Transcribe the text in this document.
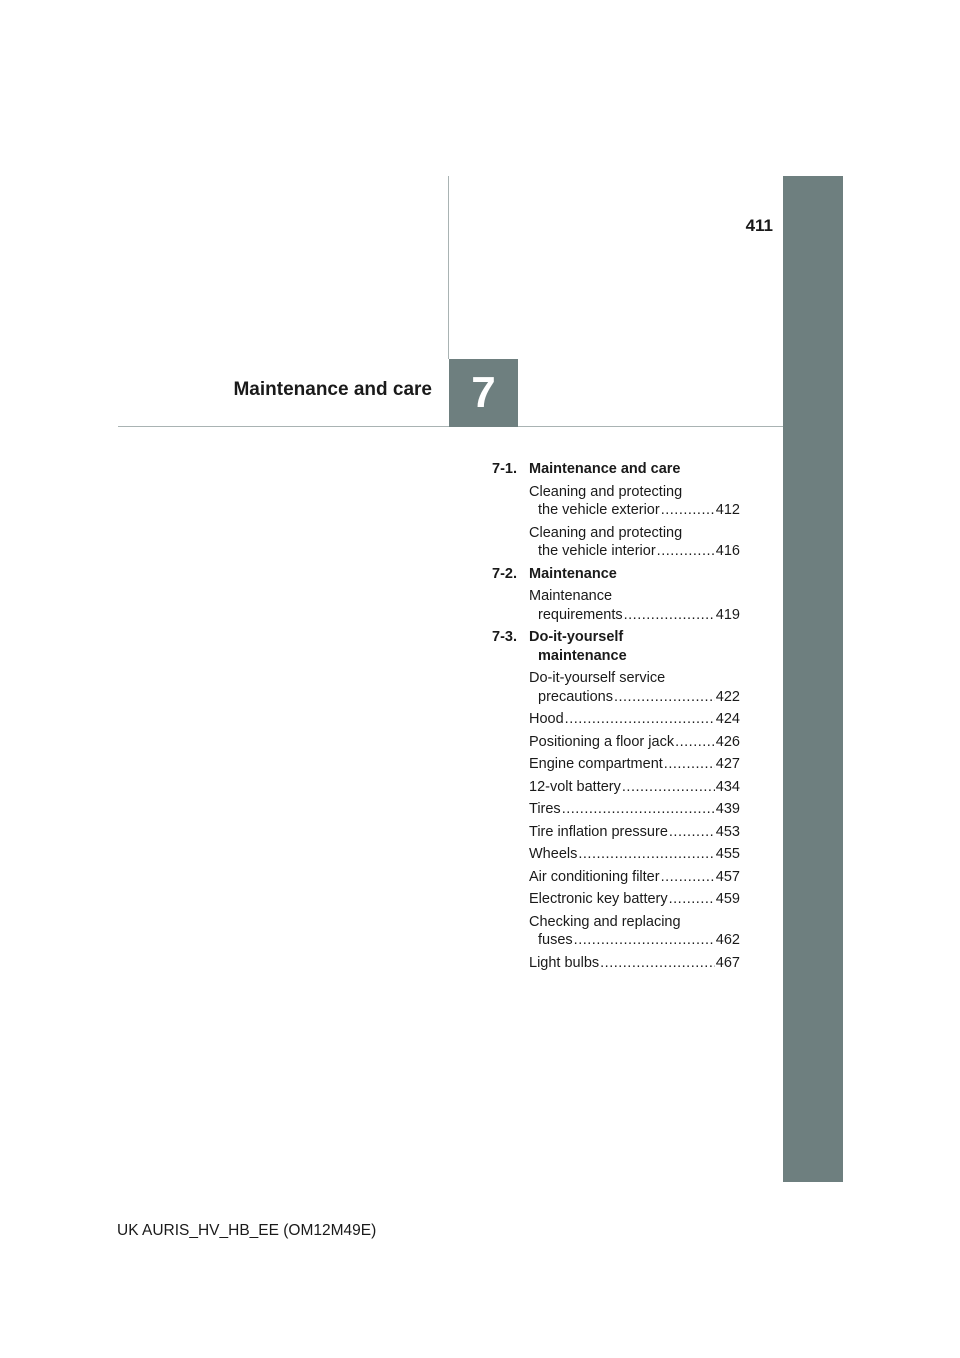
411
Maintenance and care 7
7-1. Maintenance and care
Cleaning and protecting
the vehicle exterior .....	412
Cleaning and protecting
the vehicle interior .....	416
7-2. Maintenance
Maintenance
requirements .....	419
7-3. Do-it-yourself
maintenance
Do-it-yourself service
precautions .....	422
Hood .....	424
Positioning a floor jack .....	426
Engine compartment .....	427
12-volt battery .....	434
Tires .....	439
Tire inflation pressure .....	453
Wheels .....	455
Air conditioning filter .....	457
Electronic key battery .....	459
Checking and replacing
fuses .....	462
Light bulbs .....	467
UK AURIS_HV_HB_EE (OM12M49E)
